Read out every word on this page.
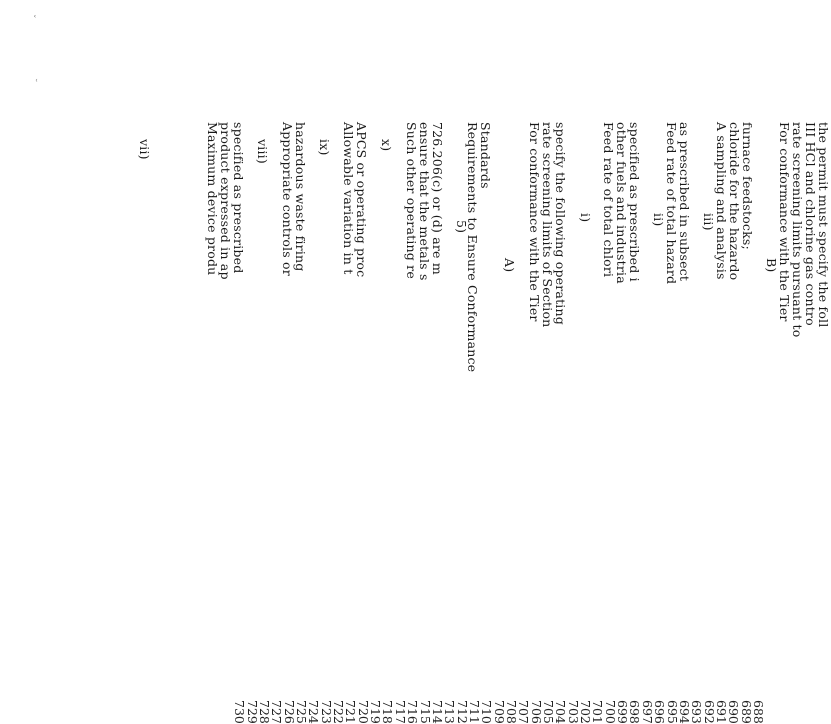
ˇ
˘
688
689
690
691
692
693
694
695
696
697
698
699
700
701
702
703
704
705
706
707
708
709
710
711
712
713
714
715
716
717
718
719
720
721
722
723
724
725
726
727
728
729
730
vii)	Maximum device produ
product expressed in ap
specified as prescribed viii) Appropriate controls or
hazardous waste firing ix) Allowable variation in t
APCS or operating proc x) Such other operating re
ensure that the metals s
726.206(c) or (d) are m 5)
Requirements to Ensure Conformance
Standards
A) For conformance with the Tier
rate screening limits of Section
specify the following operating i) Feed rate of total chlori
other fuels and industria
specified as prescribed i ii)
Feed rate of total hazard
as prescribed in subsect iii)
A sampling and analysis
chloride for the hazardo
furnace feedstocks;
B)
For conformance with the Tier
rate screening limits pursuant to
III HCl and chlorine gas contro
the permit must specify the foll
